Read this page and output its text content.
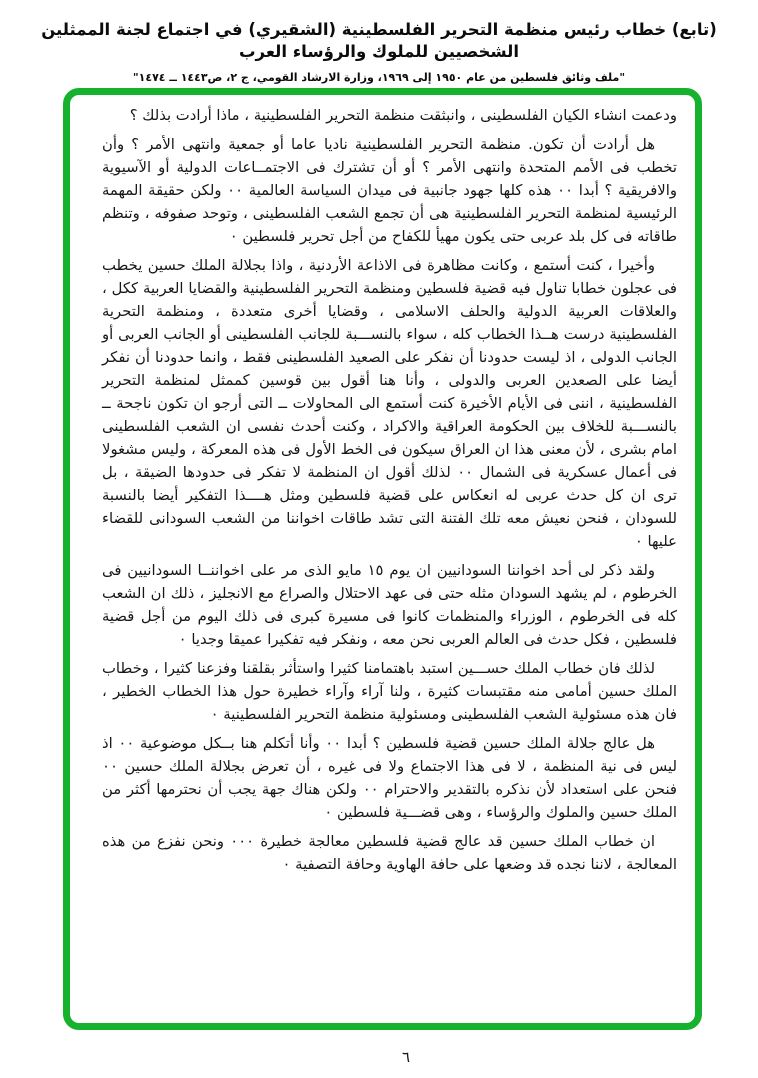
(تابع) خطاب رئيس منظمة التحرير الفلسطينية (الشقيري) في اجتماع لجنة الممثلين الشخصيين للملوك والرؤساء العرب
"ملف وثائق فلسطين من عام ١٩٥٠ إلى ١٩٦٩، وزارة الارشاد القومي، ج ٢، ص١٤٤٣ ــ ١٤٧٤"

ودعمت انشاء الكيان الفلسطينى ، وانبثقت منظمة التحرير الفلسطينية ، ماذا أرادت بذلك ؟

هل أرادت أن تكون. منظمة التحرير الفلسطينية ناديا عاما أو جمعية وانتهى الأمر ؟ وأن تخطب فى الأمم المتحدة وانتهى الأمر ؟ أو أن تشترك فى الاجتمــاعات الدولية أو الآسيوية والافريقية ؟ أبدا ٠٠ هذه كلها جهود جانبية فى ميدان السياسة العالمية ٠٠ ولكن حقيقة المهمة الرئيسية لمنظمة التحرير الفلسطينية هى أن تجمع الشعب الفلسطينى ، وتوحد صفوفه ، وتنظم طاقاته فى كل بلد عربى حتى يكون مهيأ للكفاح من أجل تحرير فلسطين ٠

وأخيرا ، كنت أستمع ، وكانت مظاهرة فى الاذاعة الأردنية ، واذا بجلالة الملك حسين يخطب فى عجلون خطابا تناول فيه قضية فلسطين ومنظمة التحرير الفلسطينية والقضايا العربية ككل ، والعلاقات العربية الدولية والحلف الاسلامى ، وقضايا أخرى متعددة ، ومنظمة التحرية الفلسطينية درست هــذا الخطاب كله ، سواء بالنســـبة للجانب الفلسطينى أو الجانب العربى أو الجانب الدولى ، اذ ليست حدودنا أن نفكر على الصعيد الفلسطينى فقط ، وانما حدودنا أن نفكر أيضا على الصعدين العربى والدولى ، وأنا هنا أقول بين قوسين كممثل لمنظمة التحرير الفلسطينية ، اننى فى الأيام الأخيرة كنت أستمع الى المحاولات ــ التى أرجو ان تكون ناجحة ــ بالنســـبة للخلاف بين الحكومة العراقية والاكراد ، وكنت أحدث نفسى ان الشعب الفلسطينى امام بشرى ، لأن معنى هذا ان العراق سيكون فى الخط الأول فى هذه المعركة ، وليس مشغولا فى أعمال عسكرية فى الشمال ٠٠ لذلك أقول ان المنظمة لا تفكر فى حدودها الضيقة ، بل ترى ان كل حدث عربى له انعكاس على قضية فلسطين ومثل هــــذا التفكير أيضا بالنسبة للسودان ، فنحن نعيش معه تلك الفتنة التى تشد طاقات اخواننا من الشعب السودانى للقضاء عليها ٠

ولقد ذكر لى أحد اخواننا السودانيين ان يوم ١٥ مايو الذى مر على اخواننــا السودانيين فى الخرطوم ، لم يشهد السودان مثله حتى فى عهد الاحتلال والصراع مع الانجليز ، ذلك ان الشعب كله فى الخرطوم ، الوزراء والمنظمات كانوا فى مسيرة كبرى فى ذلك اليوم من أجل قضية فلسطين ، فكل حدث فى العالم العربى نحن معه ، ونفكر فيه تفكيرا عميقا وجديا ٠

لذلك فان خطاب الملك حســـين استبد باهتمامنا كثيرا واستأثر بقلقنا وفزعنا كثيرا ، وخطاب الملك حسين أمامى منه مقتبسات كثيرة ، ولنا آراء وآراء خطيرة حول هذا الخطاب الخطير ، فان هذه مسئولية الشعب الفلسطينى ومسئولية منظمة التحرير الفلسطينية ٠

هل عالج جلالة الملك حسين قضية فلسطين ؟ أبدا ٠٠ وأنا أتكلم هنا بــكل موضوعية ٠٠ اذ ليس فى نية المنظمة ، لا فى هذا الاجتماع ولا فى غيره ، أن تعرض بجلالة الملك حسين ٠٠ فنحن على استعداد لأن نذكره بالتقدير والاحترام ٠٠ ولكن هناك جهة يجب أن نحترمها أكثر من الملك حسين والملوك والرؤساء ، وهى قضـــية فلسطين ٠

ان خطاب الملك حسين قد عالج قضية فلسطين معالجة خطيرة ٠٠٠ ونحن نفزع من هذه المعالجة ، لاننا نجده قد وضعها على حافة الهاوية وحافة التصفية ٠

٦
